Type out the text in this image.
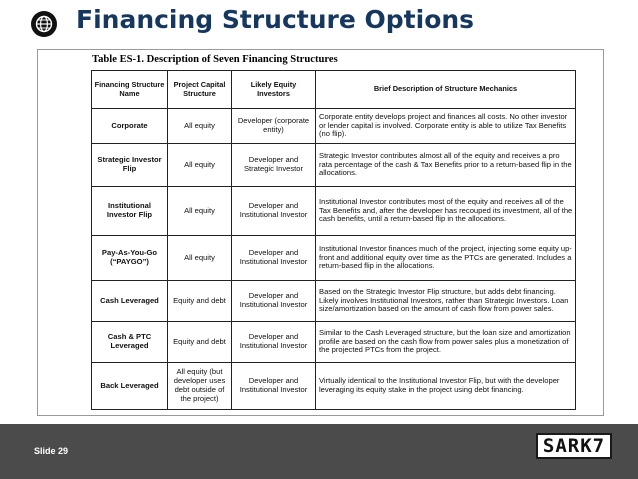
Financing Structure Options
Table ES-1. Description of Seven Financing Structures
Financing Structure Name	Project Capital Structure	Likely Equity Investors	Brief Description of Structure Mechanics
Corporate	All equity	Developer (corporate entity)	Corporate entity develops project and finances all costs. No other investor or lender capital is involved. Corporate entity is able to utilize Tax Benefits (no flip).
Strategic Investor Flip	All equity	Developer and Strategic Investor	Strategic Investor contributes almost all of the equity and receives a pro rata percentage of the cash & Tax Benefits prior to a return-based flip in the allocations.
Institutional Investor Flip	All equity	Developer and Institutional Investor	Institutional Investor contributes most of the equity and receives all of the Tax Benefits and, after the developer has recouped its investment, all of the cash benefits, until a return-based flip in the allocations.
Pay-As-You-Go (“PAYGO”)	All equity	Developer and Institutional Investor	Institutional Investor finances much of the project, injecting some equity up-front and additional equity over time as the PTCs are generated. Includes a return-based flip in the allocations.
Cash Leveraged	Equity and debt	Developer and Institutional Investor	Based on the Strategic Investor Flip structure, but adds debt financing. Likely involves Institutional Investors, rather than Strategic Investors. Loan size/amortization based on the amount of cash flow from power sales.
Cash & PTC Leveraged	Equity and debt	Developer and Institutional Investor	Similar to the Cash Leveraged structure, but the loan size and amortization profile are based on the cash flow from power sales plus a monetization of the projected PTCs from the project.
Back Leveraged	All equity (but developer uses debt outside of the project)	Developer and Institutional Investor	Virtually identical to the Institutional Investor Flip, but with the developer leveraging its equity stake in the project using debt financing.
Slide 29	SARK7
